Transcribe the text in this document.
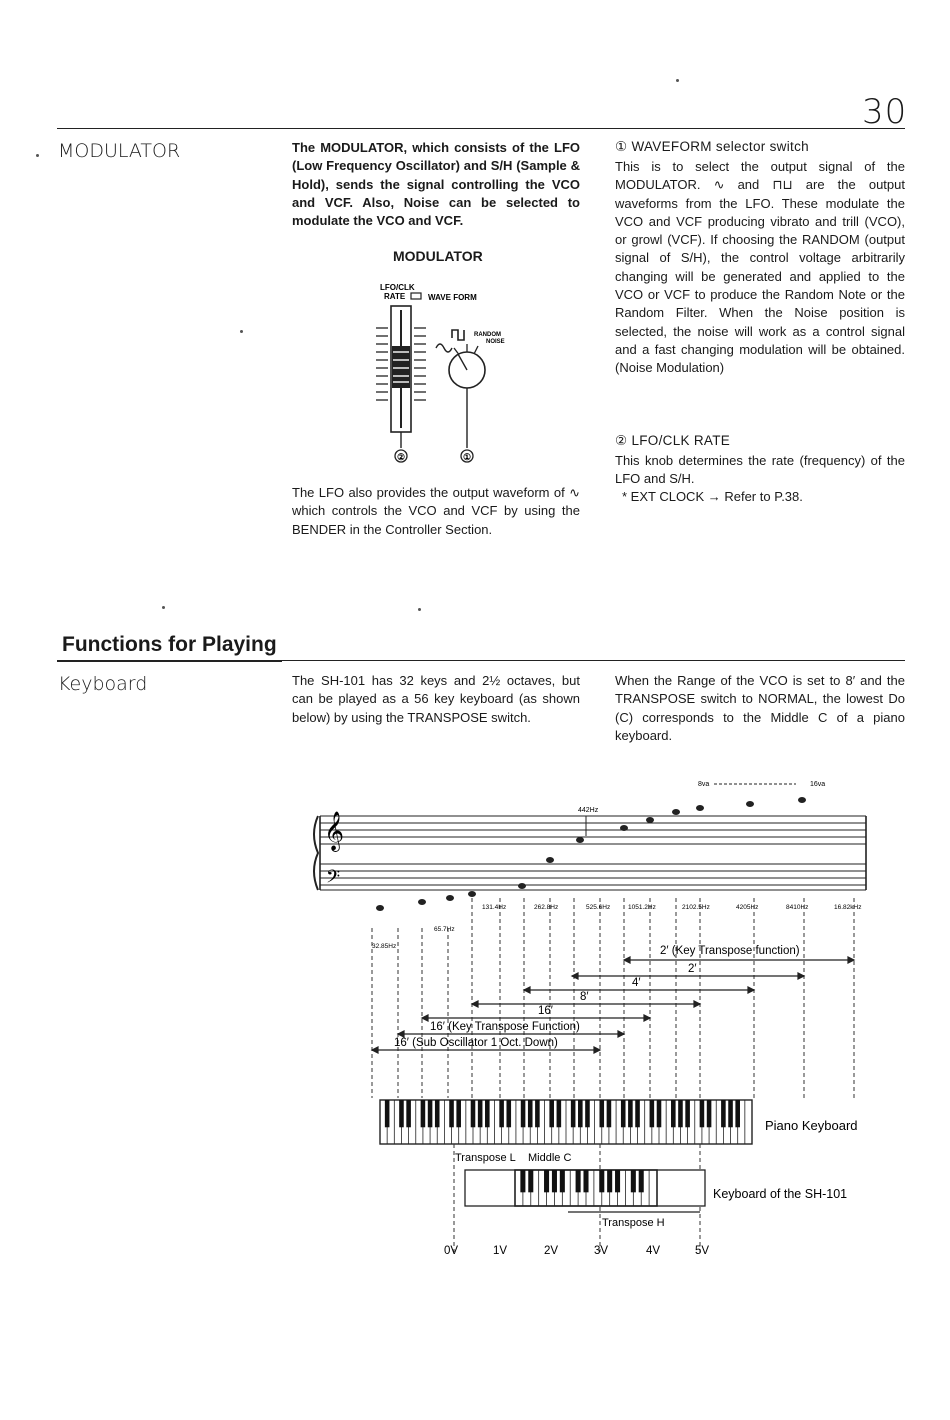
30
MODULATOR	The MODULATOR, which consists of the LFO (Low Frequency Oscillator) and S/H (Sample & Hold), sends the signal controlling the VCO and VCF. Also, Noise can be selected to modulate the VCO and VCF.
MODULATOR
LFO/CLK
RATE	WAVE FORM
②
RANDOM
NOISE
①
The LFO also provides the output waveform of ∿ which controls the VCO and VCF by using the BENDER in the Controller Section.
① WAVEFORM selector switch
This is to select the output signal of the MODULATOR. ∿ and ⊓⊔ are the output waveforms from the LFO. These modulate the VCO and VCF producing vibrato and trill (VCO), or growl (VCF). If choosing the RANDOM (output signal of S/H), the control voltage arbitrarily changing will be generated and applied to the VCO or VCF to produce the Random Note or the Random Filter. When the Noise position is selected, the noise will work as a control signal and a fast changing modulation will be obtained. (Noise Modulation)
② LFO/CLK RATE
This knob determines the rate (frequency) of the LFO and S/H.
* EXT CLOCK → Refer to P.38.
Functions for Playing
Keyboard	The SH-101 has 32 keys and 2½ octaves, but can be played as a 56 key keyboard (as shown below) by using the TRANSPOSE switch.
When the Range of the VCO is set to 8′ and the TRANSPOSE switch to NORMAL, the lowest Do (C) corresponds to the Middle C of a piano keyboard.
𝄞
𝄢
442Hz
8va	16va
32.85Hz
65.7Hz
131.4Hz	262.8Hz	525.6Hz	1051.2Hz	2102.5Hz	4205Hz	8410Hz	16.82kHz
2′ (Key Transpose function)
2′
4′
8′
16′
16′ (Key Transpose Function)
16′ (Sub Oscillator 1 Oct. Down)
Piano Keyboard
Transpose L Middle C
Keyboard of the SH-101
Transpose H
0V	1V	2V	3V	4V	5V
